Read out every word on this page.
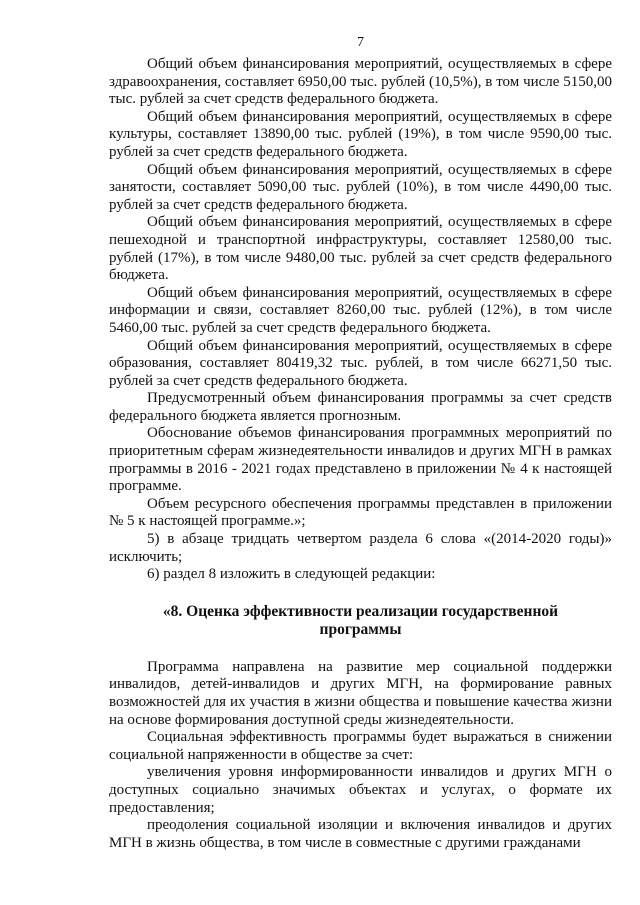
7

Общий объем финансирования мероприятий, осуществляемых в сфере здравоохранения, составляет 6950,00 тыс. рублей (10,5%), в том числе 5150,00 тыс. рублей за счет средств федерального бюджета.

Общий объем финансирования мероприятий, осуществляемых в сфере культуры, составляет 13890,00 тыс. рублей (19%), в том числе 9590,00 тыс. рублей за счет средств федерального бюджета.

Общий объем финансирования мероприятий, осуществляемых в сфере занятости, составляет 5090,00 тыс. рублей (10%), в том числе 4490,00 тыс. рублей за счет средств федерального бюджета.

Общий объем финансирования мероприятий, осуществляемых в сфере пешеходной и транспортной инфраструктуры, составляет 12580,00 тыс. рублей (17%), в том числе 9480,00 тыс. рублей за счет средств федерального бюджета.

Общий объем финансирования мероприятий, осуществляемых в сфере информации и связи, составляет 8260,00 тыс. рублей (12%), в том числе 5460,00 тыс. рублей за счет средств федерального бюджета.

Общий объем финансирования мероприятий, осуществляемых в сфере образования, составляет 80419,32 тыс. рублей, в том числе 66271,50 тыс. рублей за счет средств федерального бюджета.

Предусмотренный объем финансирования программы за счет средств федерального бюджета является прогнозным.

Обоснование объемов финансирования программных мероприятий по приоритетным сферам жизнедеятельности инвалидов и других МГН в рамках программы в 2016 - 2021 годах представлено в приложении № 4 к настоящей программе.

Объем ресурсного обеспечения программы представлен в приложении № 5 к настоящей программе.»;

5) в абзаце тридцать четвертом раздела 6 слова «(2014-2020 годы)» исключить;

6) раздел 8 изложить в следующей редакции:

«8. Оценка эффективности реализации государственной
программы

Программа направлена на развитие мер социальной поддержки инвалидов, детей-инвалидов и других МГН, на формирование равных возможностей для их участия в жизни общества и повышение качества жизни на основе формирования доступной среды жизнедеятельности.

Социальная эффективность программы будет выражаться в снижении социальной напряженности в обществе за счет:

увеличения уровня информированности инвалидов и других МГН о доступных социально значимых объектах и услугах, о формате их предоставления;

преодоления социальной изоляции и включения инвалидов и других МГН в жизнь общества, в том числе в совместные с другими гражданами
